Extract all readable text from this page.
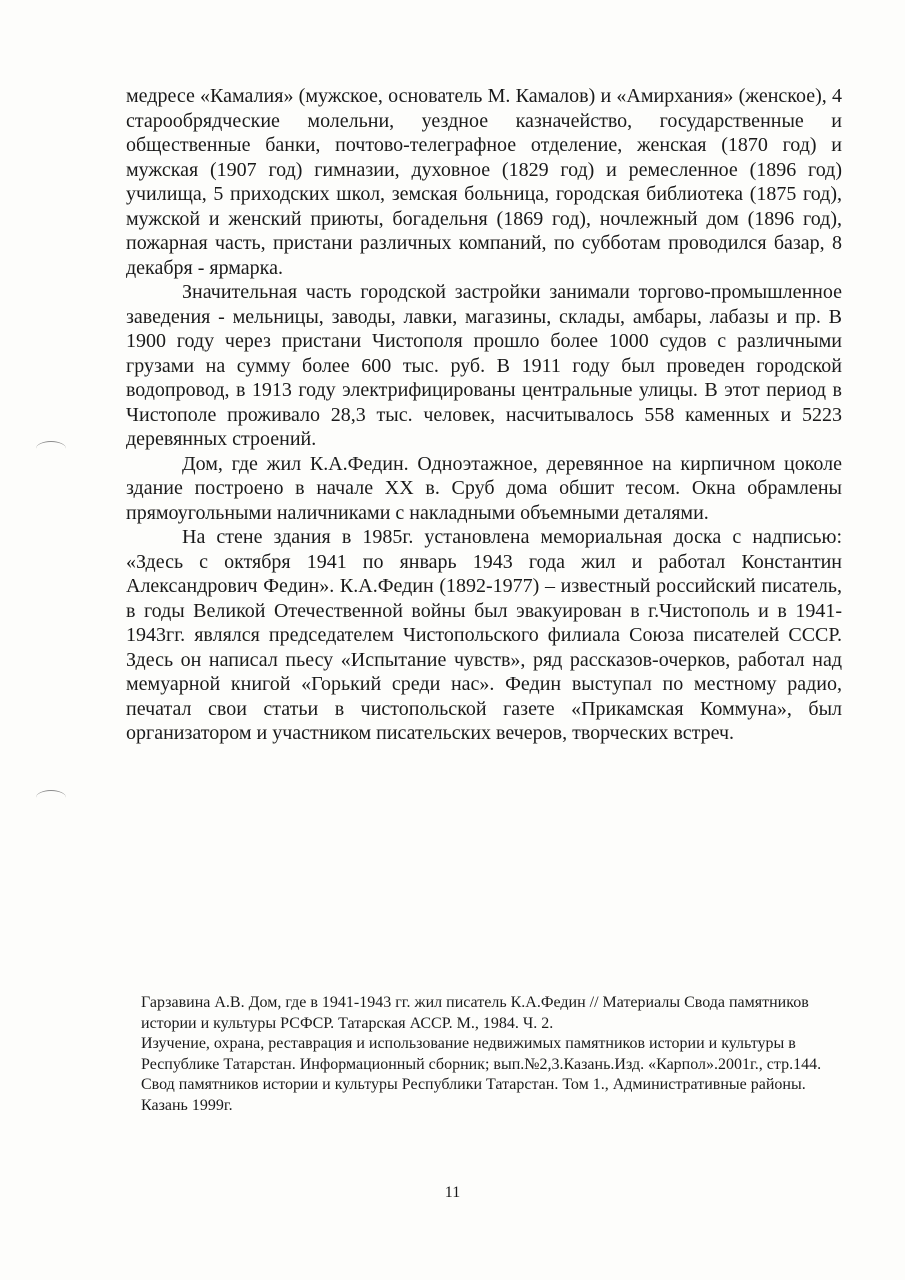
медресе «Камалия» (мужское, основатель М. Камалов) и «Амирхания» (женское), 4 старообрядческие молельни, уездное казначейство, государственные и общественные банки, почтово-телеграфное отделение, женская (1870 год) и мужская (1907 год) гимназии, духовное (1829 год) и ремесленное (1896 год) училища, 5 приходских школ, земская больница, городская библиотека (1875 год), мужской и женский приюты, богадельня (1869 год), ночлежный дом (1896 год), пожарная часть, пристани различных компаний, по субботам проводился базар, 8 декабря - ярмарка.

Значительная часть городской застройки занимали торгово-промышленное заведения - мельницы, заводы, лавки, магазины, склады, амбары, лабазы и пр. В 1900 году через пристани Чистополя прошло более 1000 судов с различными грузами на сумму более 600 тыс. руб. В 1911 году был проведен городской водопровод, в 1913 году электрифицированы центральные улицы. В этот период в Чистополе проживало 28,3 тыс. человек, насчитывалось 558 каменных и 5223 деревянных строений.

Дом, где жил К.А.Федин. Одноэтажное, деревянное на кирпичном цоколе здание построено в начале XX в. Сруб дома обшит тесом. Окна обрамлены прямоугольными наличниками с накладными объемными деталями.

На стене здания в 1985г. установлена мемориальная доска с надписью: «Здесь с октября 1941 по январь 1943 года жил и работал Константин Александрович Федин». К.А.Федин (1892-1977) – известный российский писатель, в годы Великой Отечественной войны был эвакуирован в г.Чистополь и в 1941-1943гг. являлся председателем Чистопольского филиала Союза писателей СССР. Здесь он написал пьесу «Испытание чувств», ряд рассказов-очерков, работал над мемуарной книгой «Горький среди нас». Федин выступал по местному радио, печатал свои статьи в чистопольской газете «Прикамская Коммуна», был организатором и участником писательских вечеров, творческих встреч.

Гарзавина А.В. Дом, где в 1941-1943 гг. жил писатель К.А.Федин // Материалы Свода памятников истории и культуры РСФСР. Татарская АССР. М., 1984. Ч. 2.

Изучение, охрана, реставрация и использование недвижимых памятников истории и культуры в Республике Татарстан. Информационный сборник; вып.№2,3.Казань.Изд. «Карпол».2001г., стр.144.

Свод памятников истории и культуры Республики Татарстан. Том 1., Административные районы. Казань 1999г.

11
